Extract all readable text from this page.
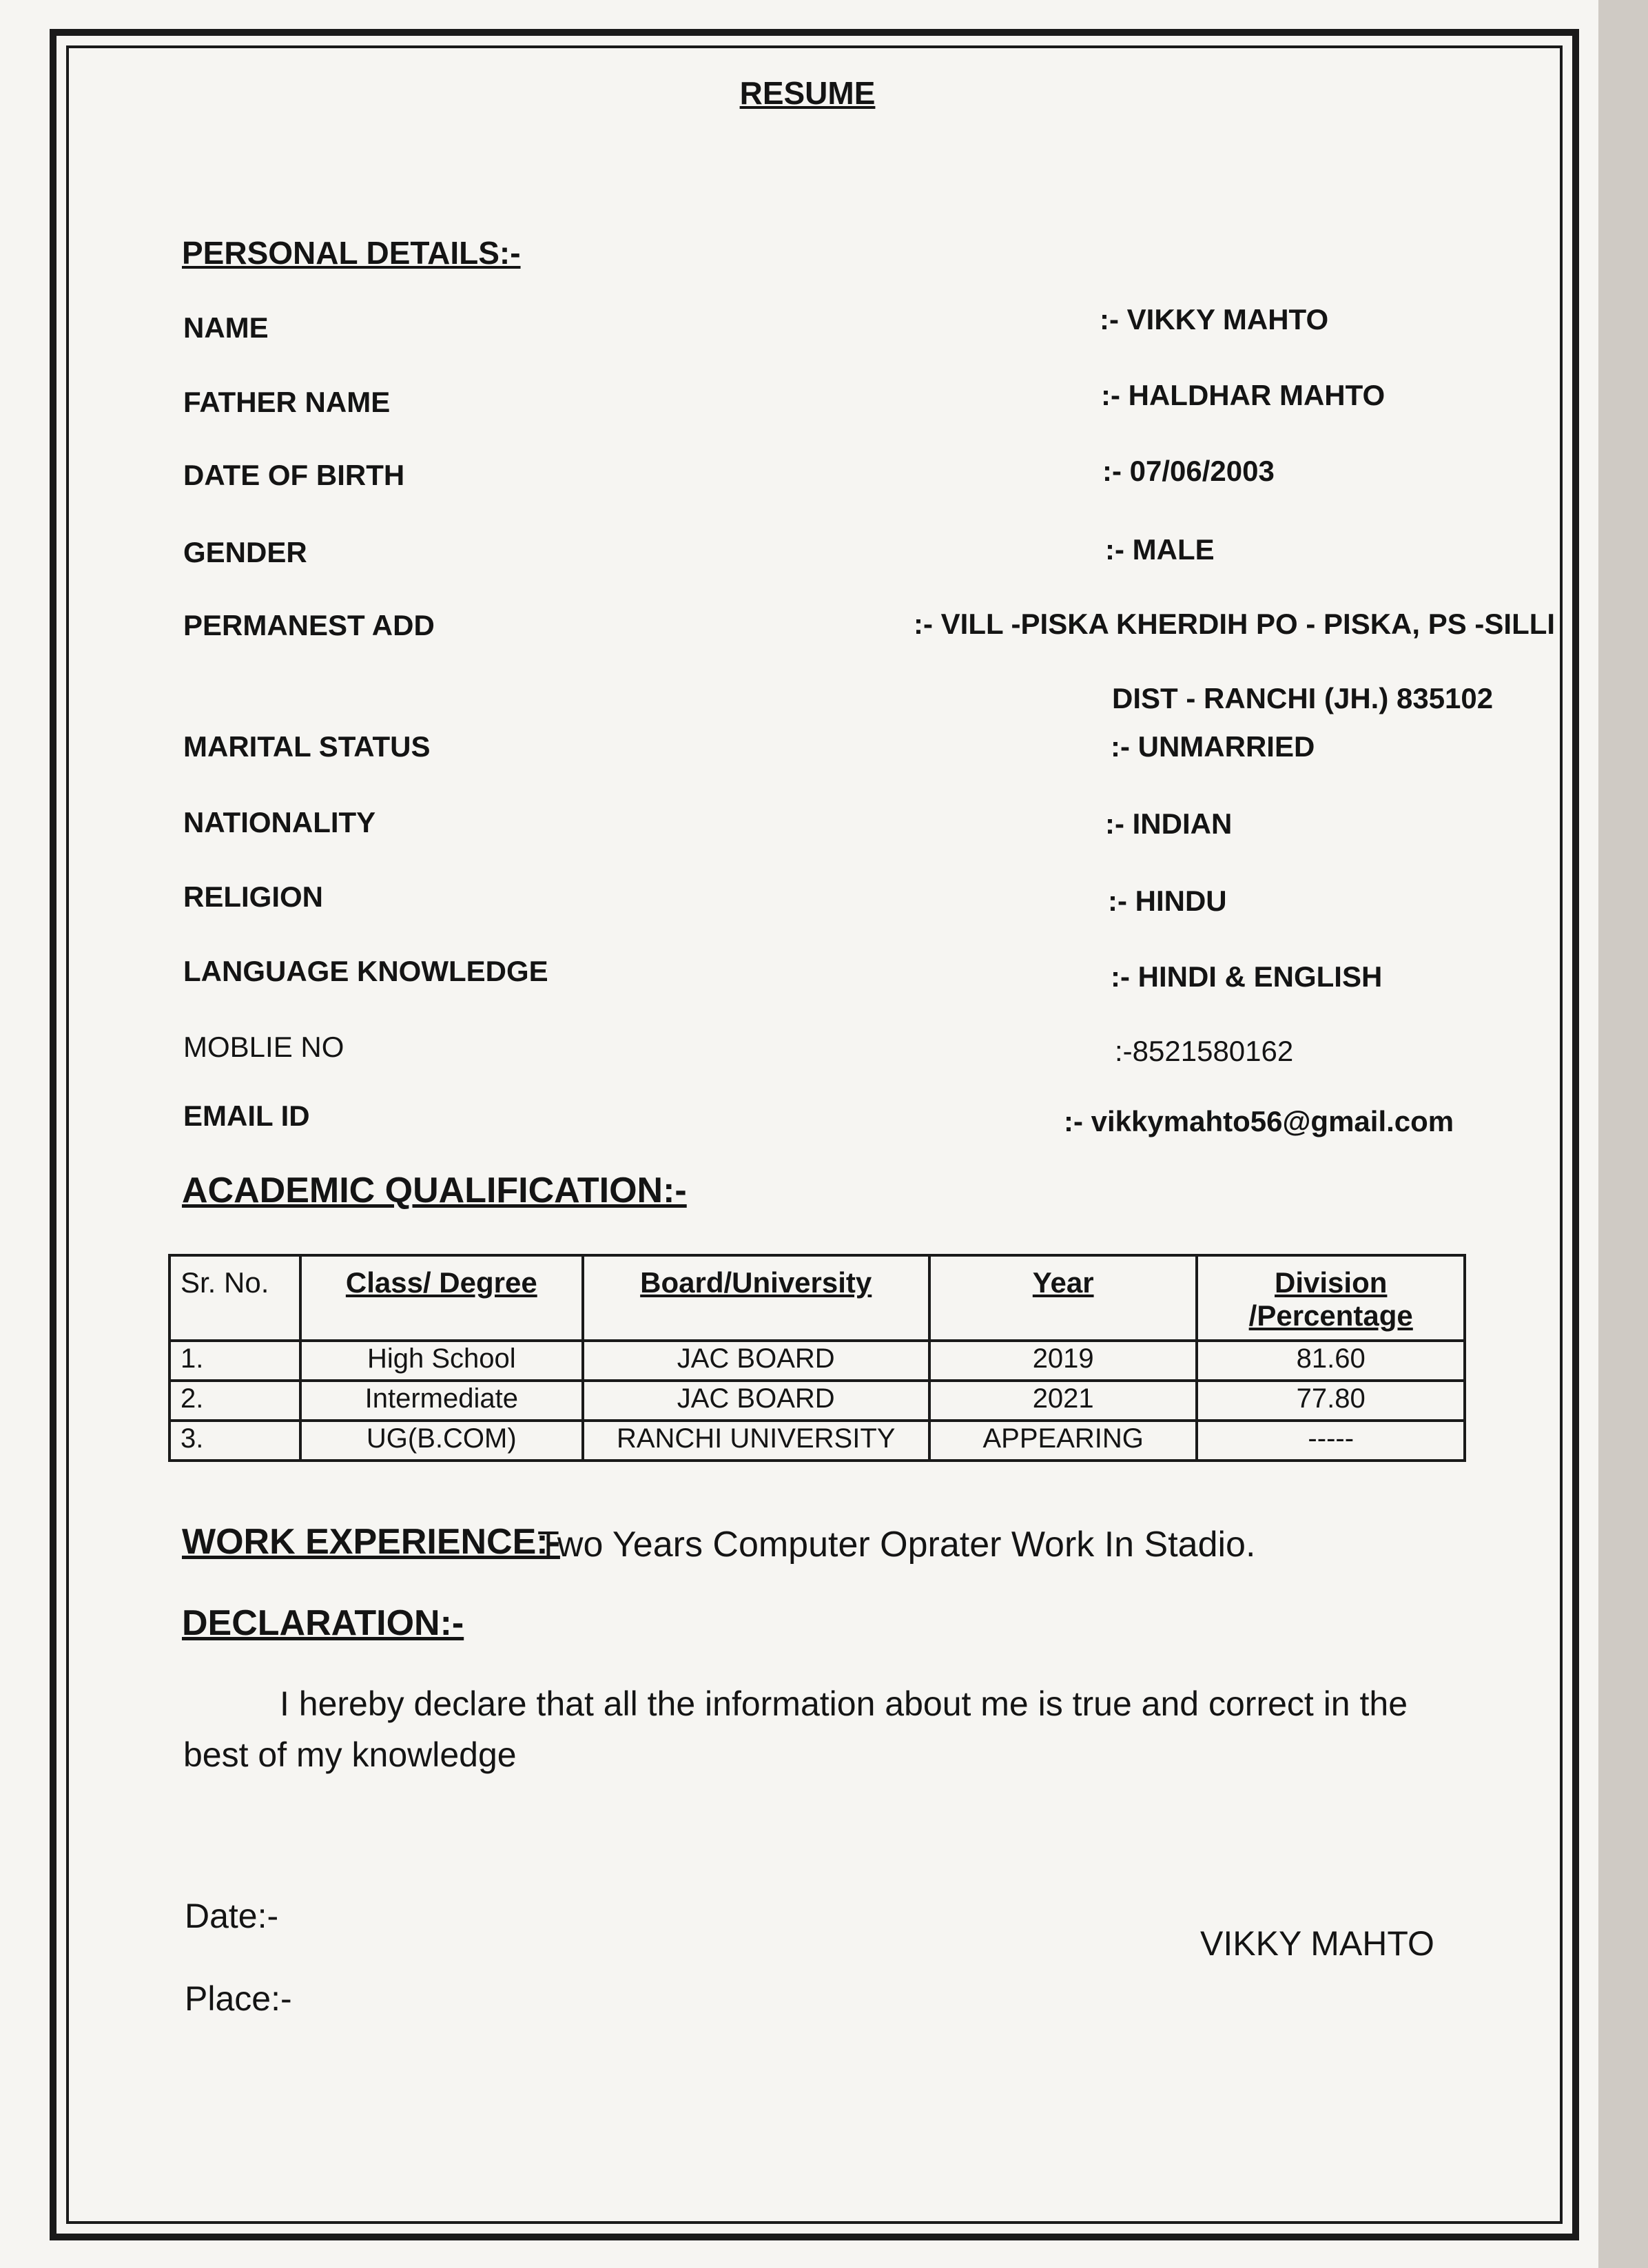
RESUME
PERSONAL DETAILS:-
NAME	:- VIKKY MAHTO
FATHER NAME	:- HALDHAR MAHTO
DATE OF BIRTH	:- 07/06/2003
GENDER	:- MALE
PERMANEST ADD	:- VILL -PISKA KHERDIH PO - PISKA, PS -SILLI
DIST - RANCHI (JH.) 835102
MARITAL STATUS	:- UNMARRIED
NATIONALITY	:- INDIAN
RELIGION	:- HINDU
LANGUAGE KNOWLEDGE	:- HINDI & ENGLISH
MOBLIE NO	:-8521580162
EMAIL ID	:- vikkymahto56@gmail.com
ACADEMIC QUALIFICATION:-
Sr. No.	Class/ Degree	Board/University	Year	Division /Percentage
1.	High School	JAC BOARD	2019	81.60
2.	Intermediate	JAC BOARD	2021	77.80
3.	UG(B.COM)	RANCHI UNIVERSITY	APPEARING	-----
WORK EXPERIENCE:-
Two Years Computer Oprater Work In Stadio.
DECLARATION:-
I hereby declare that all the information about me is true and correct in the best of my knowledge
Date:-
Place:-
VIKKY MAHTO
